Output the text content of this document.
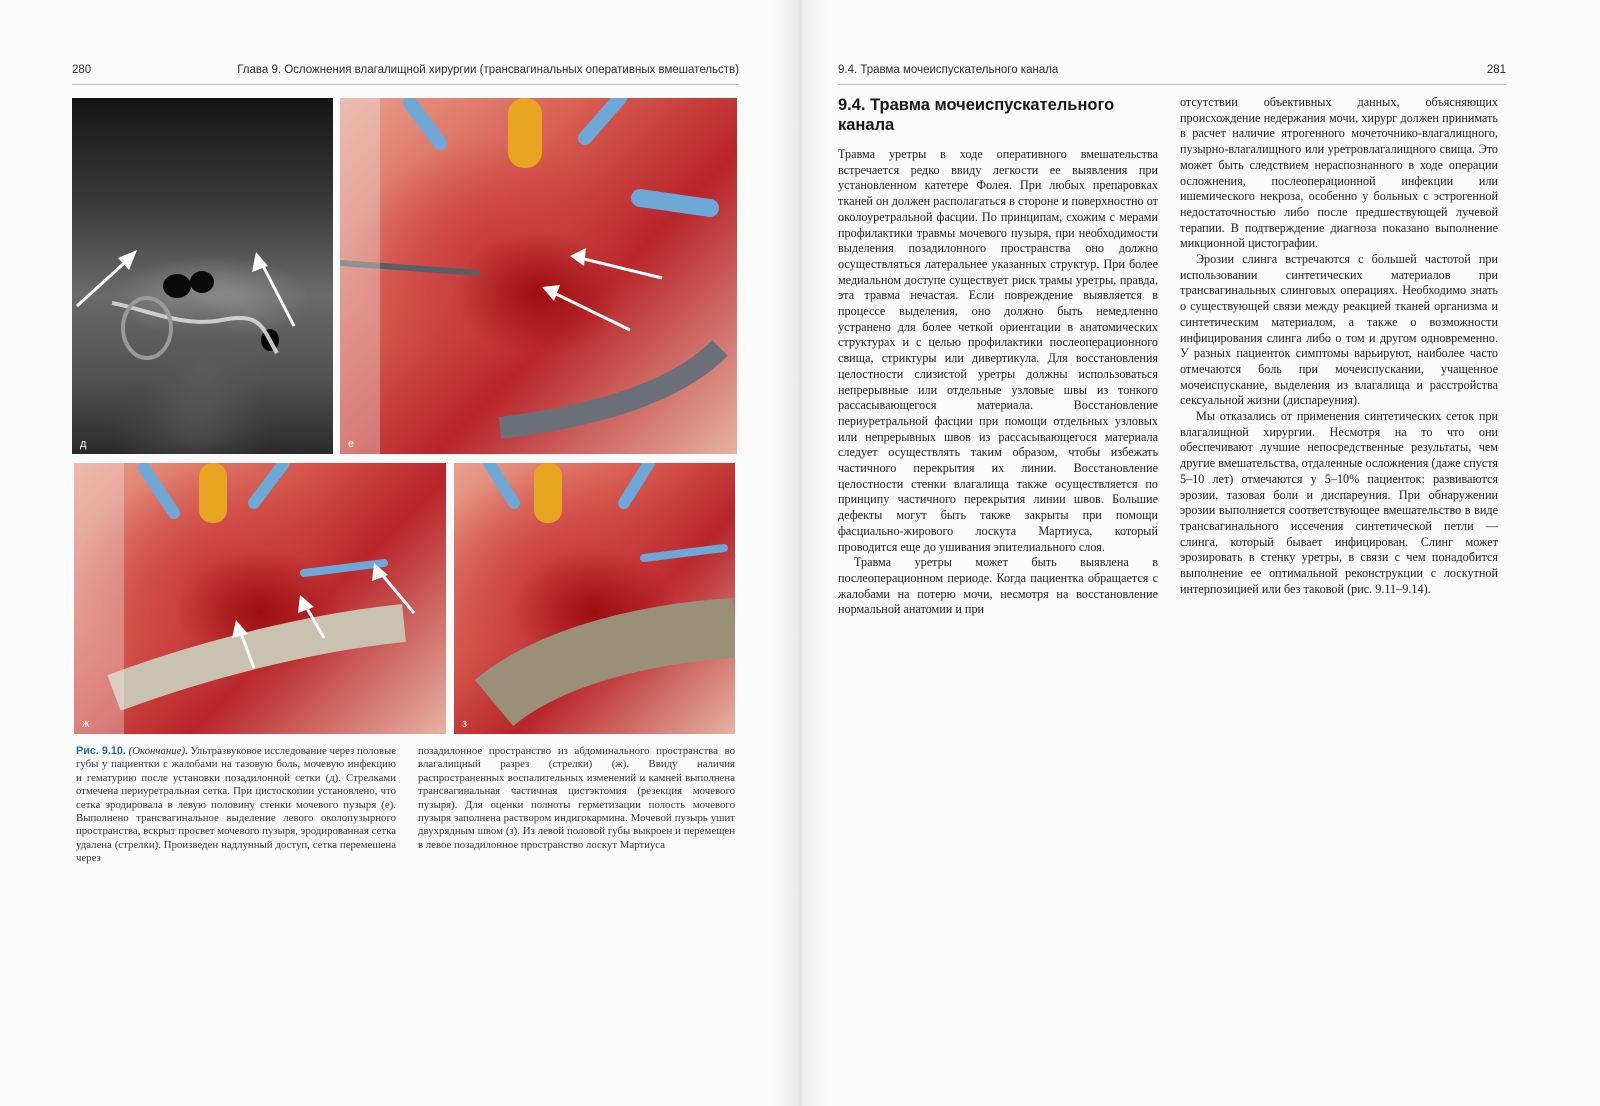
280	Глава 9. Осложнения влагалищной хирургии (трансвагинальных оперативных вмешательств)
д	е
ж	з
Рис. 9.10. (Окончание). Ультразвуковое исследование через половые губы у пациентки с жалобами на тазовую боль, мочевую инфекцию и гематурию после установки позадилонной сетки (д). Стрелками отмечена периуретральная сетка. При цистоскопии установлено, что сетка эродировала в левую половину стенки мочевого пузыря (е). Выполнено трансвагинальное выделение левого околопузырного пространства, вскрыт просвет мочевого пузыря, эродированная сетка удалена (стрелки). Произведен надлунный доступ, сетка перемешена через
позадилонное пространство из абдоминального пространства во влагалищный разрез (стрелки) (ж). Ввиду наличия распространенных воспалительных изменений и камней выполнена трансвагинальная частичная цистэктомия (резекция мочевого пузыря). Для оценки полноты герметизации полость мочевого пузыря заполнена раствором индигокармина. Мочевой пузырь ушит двухрядным швом (з). Из левой половой губы выкроен и перемещен в левое позадилонное пространство лоскут Мартиуса
9.4. Травма мочеиспускательного канала	281
9.4. Травма мочеиспускательного канала

Травма уретры в ходе оперативного вмешательства встречается редко ввиду легкости ее выявления при установленном катетере Фолея. При любых препаровках тканей он должен располагаться в стороне и поверхностно от околоуретральной фасции. По принципам, схожим с мерами профилактики травмы мочевого пузыря, при необходимости выделения позадилонного пространства оно должно осуществляться латеральнее указанных структур. При более медиальном доступе существует риск трамы уретры, правда, эта травма нечастая. Если повреждение выявляется в процессе выделения, оно должно быть немедленно устранено для более четкой ориентации в анатомических структурах и с целью профилактики послеоперационного свища, стриктуры или дивертикула. Для восстановления целостности слизистой уретры должны использоваться непрерывные или отдельные узловые швы из тонкого рассасывающегося материала. Восстановление периуретральной фасции при помощи отдельных узловых или непрерывных швов из рассасывающегося материала следует осуществлять таким образом, чтобы избежать частичного перекрытия их линии. Восстановление целостности стенки влагалища также осуществляется по принципу частичного перекрытия линии швов. Большие дефекты могут быть также закрыты при помощи фасциально-жирового лоскута Мартиуса, который проводится еще до ушивания эпителиального слоя.

Травма уретры может быть выявлена в послеоперационном периоде. Когда пациентка обращается с жалобами на потерю мочи, несмотря на восстановление нормальной анатомии и при

отсутствии объективных данных, объясняющих происхождение недержания мочи, хирург должен принимать в расчет наличие ятрогенного мочеточнико-влагалищного, пузырно-влагалищного или уретровлагалищного свища. Это может быть следствием нераспознанного в ходе операции осложнения, послеоперационной инфекции или ишемического некроза, особенно у больных с эстрогенной недостаточностью либо после предшествующей лучевой терапии. В подтверждение диагноза показано выполнение микционной цистографии.

Эрозии слинга встречаются с большей частотой при использовании синтетических материалов при трансвагинальных слинговых операциях. Необходимо знать о существующей связи между реакцией тканей организма и синтетическим материалом, а также о возможности инфицирования слинга либо о том и другом одновременно. У разных пациенток симптомы варьируют, наиболее часто отмечаются боль при мочеиспускании, учащенное мочеиспускание, выделения из влагалища и расстройства сексуальной жизни (диспареуния).

Мы отказались от применения синтетических сеток при влагалищной хирургии. Несмотря на то что они обеспечивают лучшие непосредственные результаты, чем другие вмешательства, отдаленные осложнения (даже спустя 5–10 лет) отмечаются у 5–10% пациенток: развиваются эрозии, тазовая боли и диспареуния. При обнаружении эрозии выполняется соответствующее вмешательство в виде трансвагинального иссечения синтетической петли — слинга, который бывает инфицирован. Слинг может эрозировать в стенку уретры, в связи с чем понадобится выполнение ее оптимальной реконструкции с лоскутной интерпозицией или без таковой (рис. 9.11–9.14).
